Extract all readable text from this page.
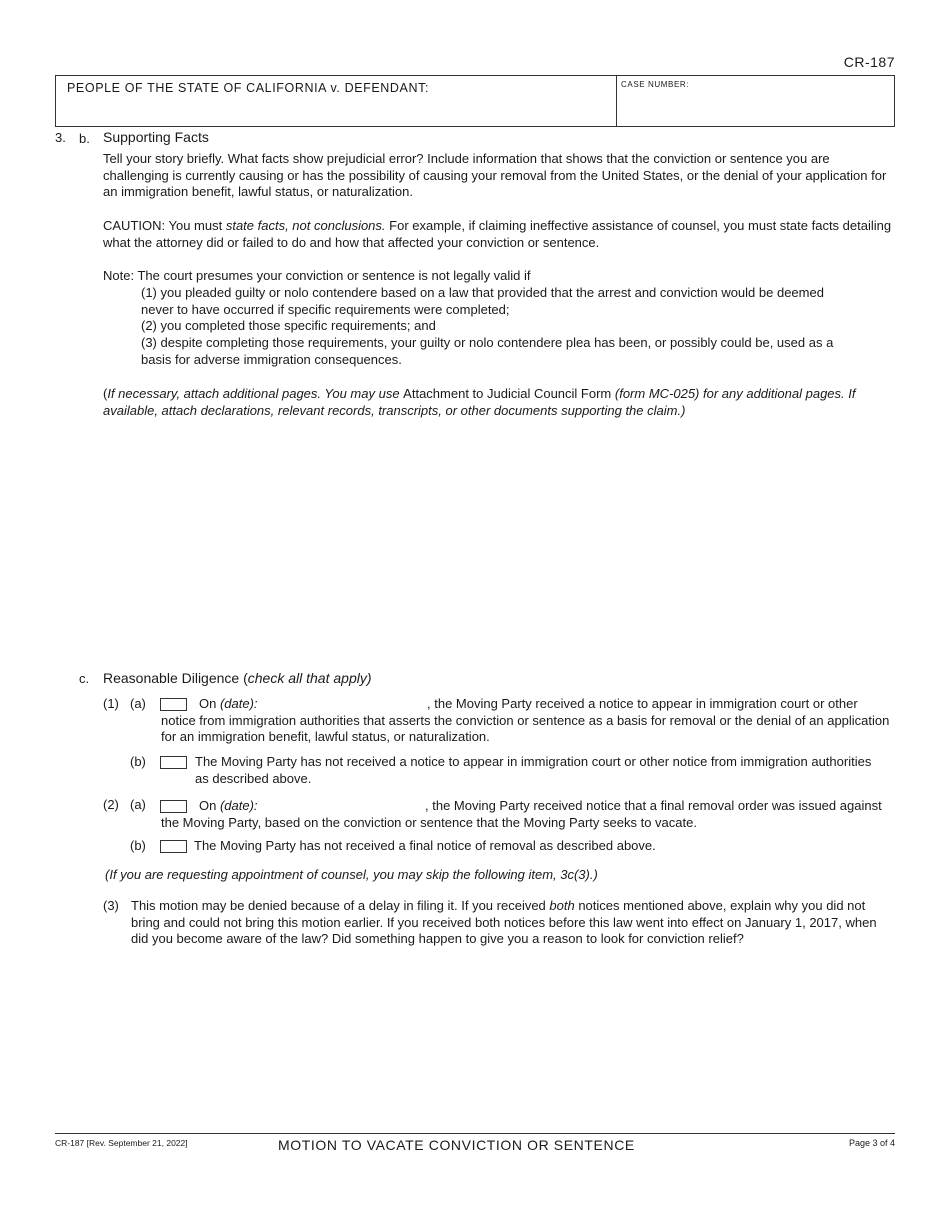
CR-187
PEOPLE OF THE STATE OF CALIFORNIA v. DEFENDANT:	CASE NUMBER:
3. b. Supporting Facts

Tell your story briefly. What facts show prejudicial error? Include information that shows that the conviction or sentence you are challenging is currently causing or has the possibility of causing your removal from the United States, or the denial of your application for an immigration benefit, lawful status, or naturalization.

CAUTION: You must state facts, not conclusions. For example, if claiming ineffective assistance of counsel, you must state facts detailing what the attorney did or failed to do and how that affected your conviction or sentence.

Note: The court presumes your conviction or sentence is not legally valid if

(1) you pleaded guilty or nolo contendere based on a law that provided that the arrest and conviction would be deemed never to have occurred if specific requirements were completed;

(2) you completed those specific requirements; and

(3) despite completing those requirements, your guilty or nolo contendere plea has been, or possibly could be, used as a basis for adverse immigration consequences.

(If necessary, attach additional pages. You may use Attachment to Judicial Council Form (form MC-025) for any additional pages. If available, attach declarations, relevant records, transcripts, or other documents supporting the claim.)

c. Reasonable Diligence (check all that apply)
(1) (a)	On (date):	, the Moving Party received a notice to appear in immigration court or other notice from immigration authorities that asserts the conviction or sentence as a basis for removal or the denial of an application for an immigration benefit, lawful status, or naturalization.

(b)	The Moving Party has not received a notice to appear in immigration court or other notice from immigration authorities as described above.

(2) (a)	On (date):	, the Moving Party received notice that a final removal order was issued against the Moving Party, based on the conviction or sentence that the Moving Party seeks to vacate.

(b)	The Moving Party has not received a final notice of removal as described above.

(If you are requesting appointment of counsel, you may skip the following item, 3c(3).)

(3) This motion may be denied because of a delay in filing it. If you received both notices mentioned above, explain why you did not bring and could not bring this motion earlier. If you received both notices before this law went into effect on January 1, 2017, when did you become aware of the law? Did something happen to give you a reason to look for conviction relief?

CR-187 [Rev. September 21, 2022]	MOTION TO VACATE CONVICTION OR SENTENCE	Page 3 of 4
